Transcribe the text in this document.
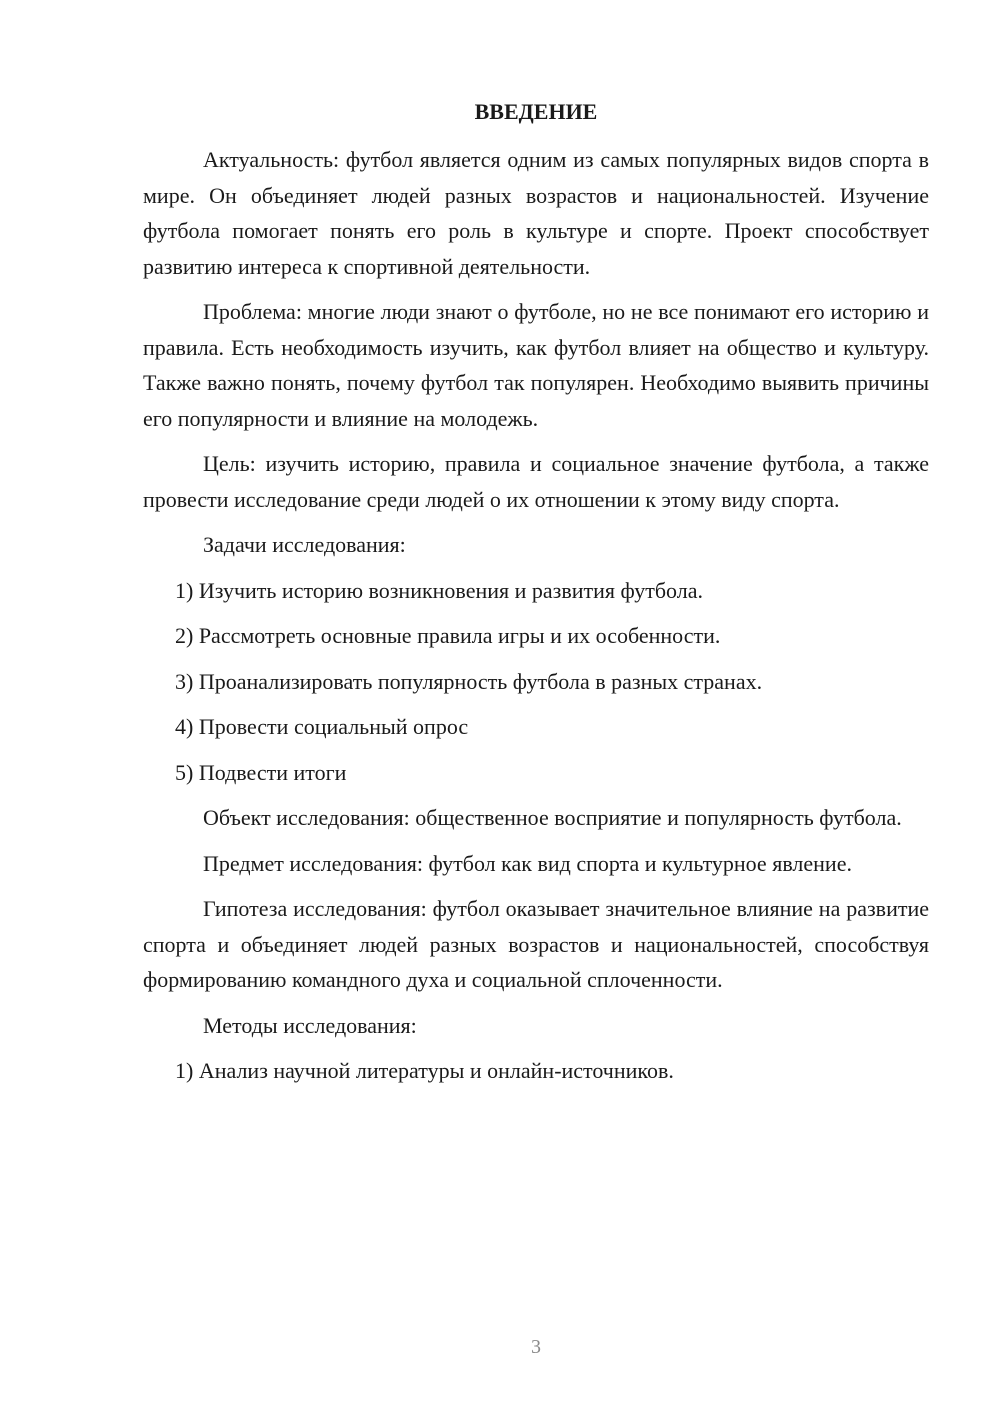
ВВЕДЕНИЕ

Актуальность: футбол является одним из самых популярных видов спорта в мире. Он объединяет людей разных возрастов и национальностей. Изучение футбола помогает понять его роль в культуре и спорте. Проект способствует развитию интереса к спортивной деятельности.

Проблема: многие люди знают о футболе, но не все понимают его историю и правила. Есть необходимость изучить, как футбол влияет на общество и культуру. Также важно понять, почему футбол так популярен. Необходимо выявить причины его популярности и влияние на молодежь.

Цель: изучить историю, правила и социальное значение футбола, а также провести исследование среди людей о их отношении к этому виду спорта.

Задачи исследования:

1) Изучить историю возникновения и развития футбола.
2) Рассмотреть основные правила игры и их особенности.
3) Проанализировать популярность футбола в разных странах.
4) Провести социальный опрос
5) Подвести итоги

Объект исследования: общественное восприятие и популярность футбола.

Предмет исследования: футбол как вид спорта и культурное явление.

Гипотеза исследования: футбол оказывает значительное влияние на развитие спорта и объединяет людей разных возрастов и национальностей, способствуя формированию командного духа и социальной сплоченности.

Методы исследования:

1) Анализ научной литературы и онлайн-источников.

3
